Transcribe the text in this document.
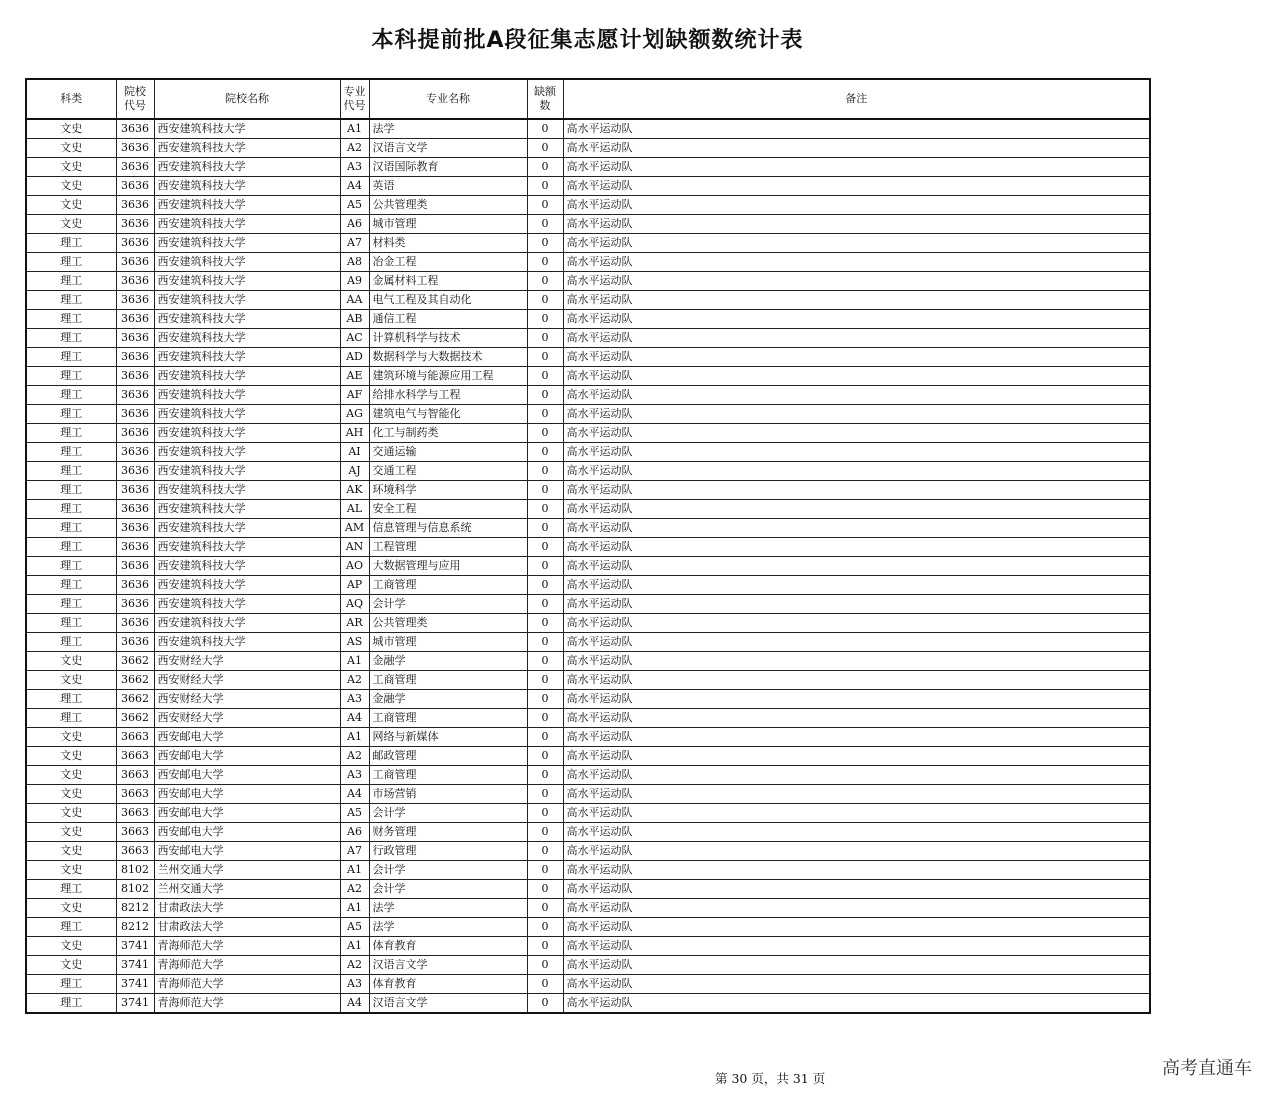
本科提前批A段征集志愿计划缺额数统计表
科类	院校代号	院校名称	专业代号	专业名称	缺额数	备注
文史	3636	西安建筑科技大学	A1	法学	0	高水平运动队
文史	3636	西安建筑科技大学	A2	汉语言文学	0	高水平运动队
文史	3636	西安建筑科技大学	A3	汉语国际教育	0	高水平运动队
文史	3636	西安建筑科技大学	A4	英语	0	高水平运动队
文史	3636	西安建筑科技大学	A5	公共管理类	0	高水平运动队
文史	3636	西安建筑科技大学	A6	城市管理	0	高水平运动队
理工	3636	西安建筑科技大学	A7	材料类	0	高水平运动队
理工	3636	西安建筑科技大学	A8	冶金工程	0	高水平运动队
理工	3636	西安建筑科技大学	A9	金属材料工程	0	高水平运动队
理工	3636	西安建筑科技大学	AA	电气工程及其自动化	0	高水平运动队
理工	3636	西安建筑科技大学	AB	通信工程	0	高水平运动队
理工	3636	西安建筑科技大学	AC	计算机科学与技术	0	高水平运动队
理工	3636	西安建筑科技大学	AD	数据科学与大数据技术	0	高水平运动队
理工	3636	西安建筑科技大学	AE	建筑环境与能源应用工程	0	高水平运动队
理工	3636	西安建筑科技大学	AF	给排水科学与工程	0	高水平运动队
理工	3636	西安建筑科技大学	AG	建筑电气与智能化	0	高水平运动队
理工	3636	西安建筑科技大学	AH	化工与制药类	0	高水平运动队
理工	3636	西安建筑科技大学	AI	交通运输	0	高水平运动队
理工	3636	西安建筑科技大学	AJ	交通工程	0	高水平运动队
理工	3636	西安建筑科技大学	AK	环境科学	0	高水平运动队
理工	3636	西安建筑科技大学	AL	安全工程	0	高水平运动队
理工	3636	西安建筑科技大学	AM	信息管理与信息系统	0	高水平运动队
理工	3636	西安建筑科技大学	AN	工程管理	0	高水平运动队
理工	3636	西安建筑科技大学	AO	大数据管理与应用	0	高水平运动队
理工	3636	西安建筑科技大学	AP	工商管理	0	高水平运动队
理工	3636	西安建筑科技大学	AQ	会计学	0	高水平运动队
理工	3636	西安建筑科技大学	AR	公共管理类	0	高水平运动队
理工	3636	西安建筑科技大学	AS	城市管理	0	高水平运动队
文史	3662	西安财经大学	A1	金融学	0	高水平运动队
文史	3662	西安财经大学	A2	工商管理	0	高水平运动队
理工	3662	西安财经大学	A3	金融学	0	高水平运动队
理工	3662	西安财经大学	A4	工商管理	0	高水平运动队
文史	3663	西安邮电大学	A1	网络与新媒体	0	高水平运动队
文史	3663	西安邮电大学	A2	邮政管理	0	高水平运动队
文史	3663	西安邮电大学	A3	工商管理	0	高水平运动队
文史	3663	西安邮电大学	A4	市场营销	0	高水平运动队
文史	3663	西安邮电大学	A5	会计学	0	高水平运动队
文史	3663	西安邮电大学	A6	财务管理	0	高水平运动队
文史	3663	西安邮电大学	A7	行政管理	0	高水平运动队
文史	8102	兰州交通大学	A1	会计学	0	高水平运动队
理工	8102	兰州交通大学	A2	会计学	0	高水平运动队
文史	8212	甘肃政法大学	A1	法学	0	高水平运动队
理工	8212	甘肃政法大学	A5	法学	0	高水平运动队
文史	3741	青海师范大学	A1	体育教育	0	高水平运动队
文史	3741	青海师范大学	A2	汉语言文学	0	高水平运动队
理工	3741	青海师范大学	A3	体育教育	0	高水平运动队
理工	3741	青海师范大学	A4	汉语言文学	0	高水平运动队
第 30 页，共 31 页	高考直通车
